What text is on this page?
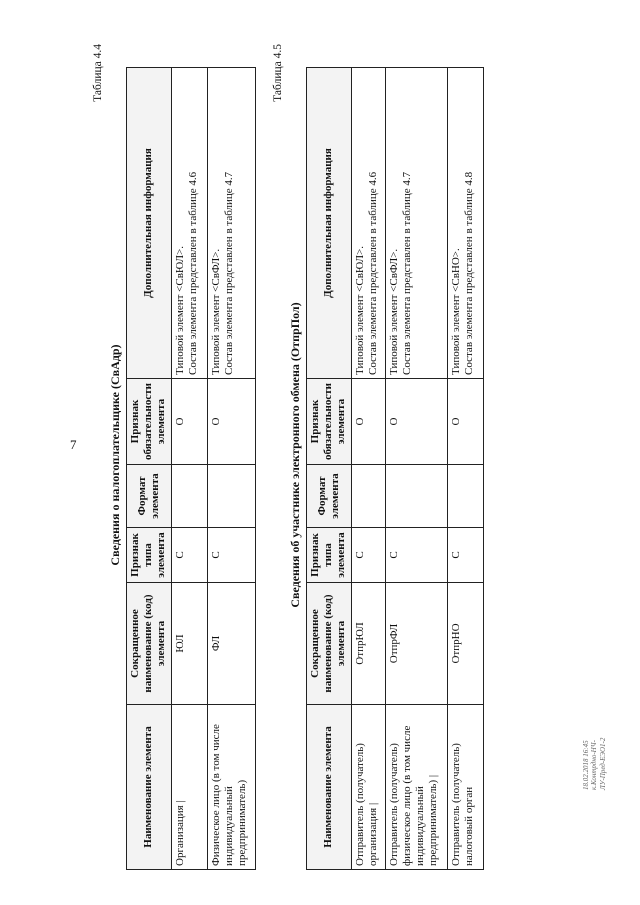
7
Таблица 4.4
Сведения о налогоплательщике (СвАдр)
Наименование элемента	Сокращенное наименование (код) элемента	Признак типа элемента	Формат элемента	Признак обязательности элемента	Дополнительная информация
Организация |	ЮЛ	С		О	Типовой элемент <СвЮЛ>.
Состав элемента представлен в таблице 4.6
Физическое лицо (в том числе индивидуальный предприниматель)	ФЛ	С		О	Типовой элемент <СвФЛ>.
Состав элемента представлен в таблице 4.7
Таблица 4.5
Сведения об участнике электронного обмена (ОтпрПол)
Наименование элемента	Сокращенное наименование (код) элемента	Признак типа элемента	Формат элемента	Признак обязательности элемента	Дополнительная информация
Отправитель (получатель) организация |	ОтпрЮЛ	С		О	Типовой элемент <СвЮЛ>.
Состав элемента представлен в таблице 4.6
Отправитель (получатель) физическое лицо (в том числе индивидуальный предприниматель) |	ОтпрФЛ	С		О	Типовой элемент <СвФЛ>.
Состав элемента представлен в таблице 4.7
Отправитель (получатель) налоговый орган	ОтпрНО	С		О	Типовой элемент <СвНО>.
Состав элемента представлен в таблице 4.8
18.02.2018 16:45 к.Контрдно-НЧ-ЛУ-Пред-ЕЭО1-2
